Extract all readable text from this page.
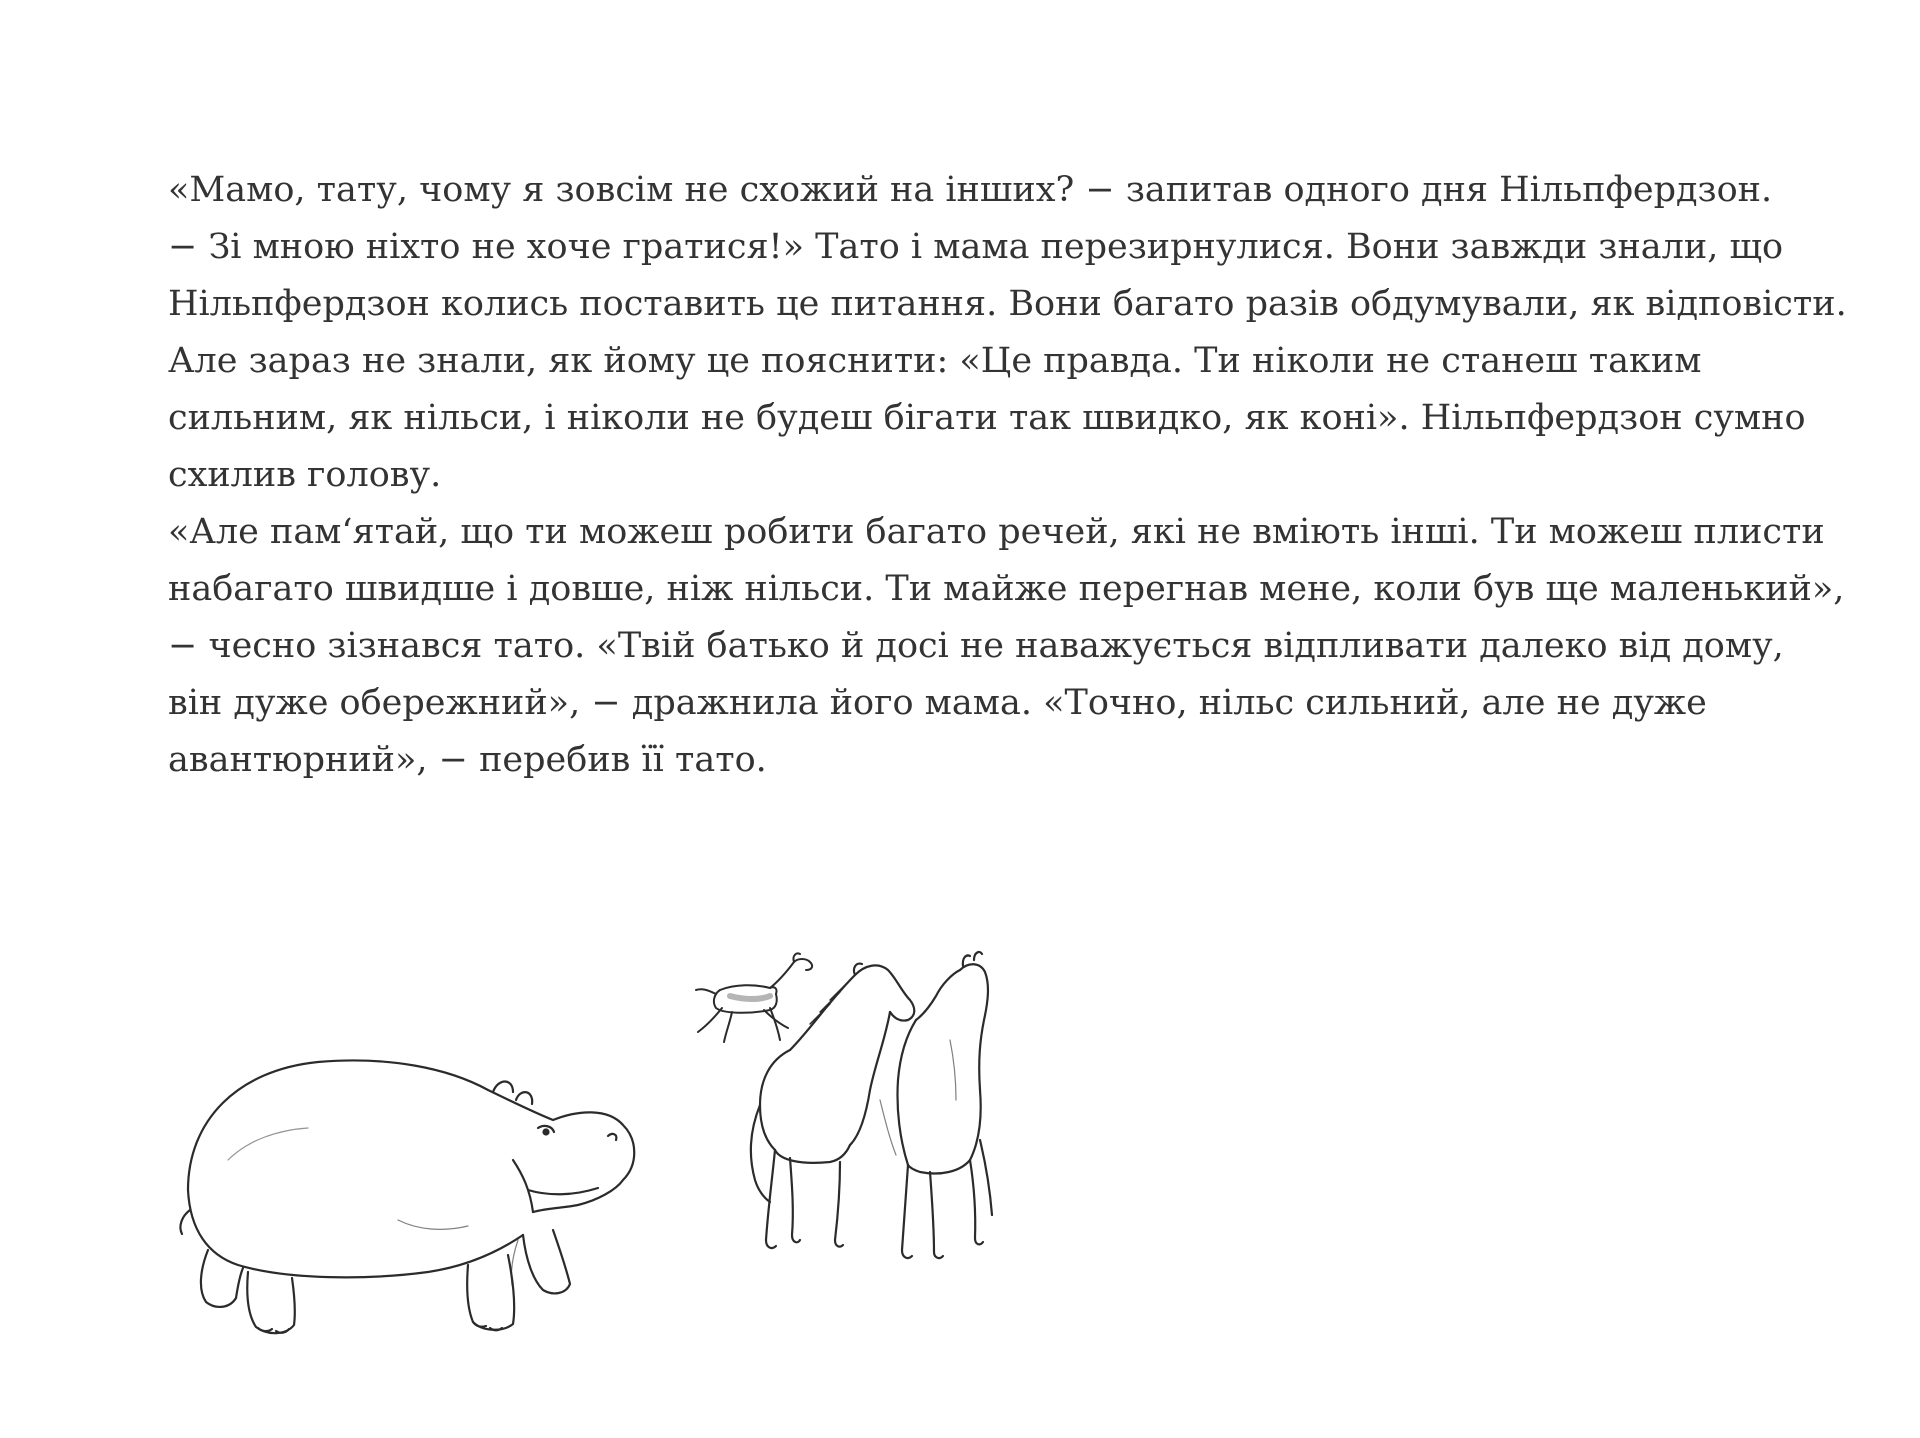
«Мамо, тату, чому я зовсім не схожий на інших? − запитав одного дня Нільпфердзон.
− Зі мною ніхто не хоче гратися!» Тато і мама перезирнулися. Вони завжди знали, що
Нільпфердзон колись поставить це питання. Вони багато разів обдумували, як відповісти.
Але зараз не знали, як йому це пояснити: «Це правда. Ти ніколи не станеш таким
сильним, як нільси, і ніколи не будеш бігати так швидко, як коні». Нільпфердзон сумно
схилив голову.
«Але пам‘ятай, що ти можеш робити багато речей, які не вміють інші. Ти можеш плисти
набагато швидше і довше, ніж нільси. Ти майже перегнав мене, коли був ще маленький»,
− чесно зізнався тато. «Твій батько й досі не наважується відпливати далеко від дому,
він дуже обережний», − дражнила його мама. «Точно, нільс сильний, але не дуже
авантюрний», − перебив її тато.
